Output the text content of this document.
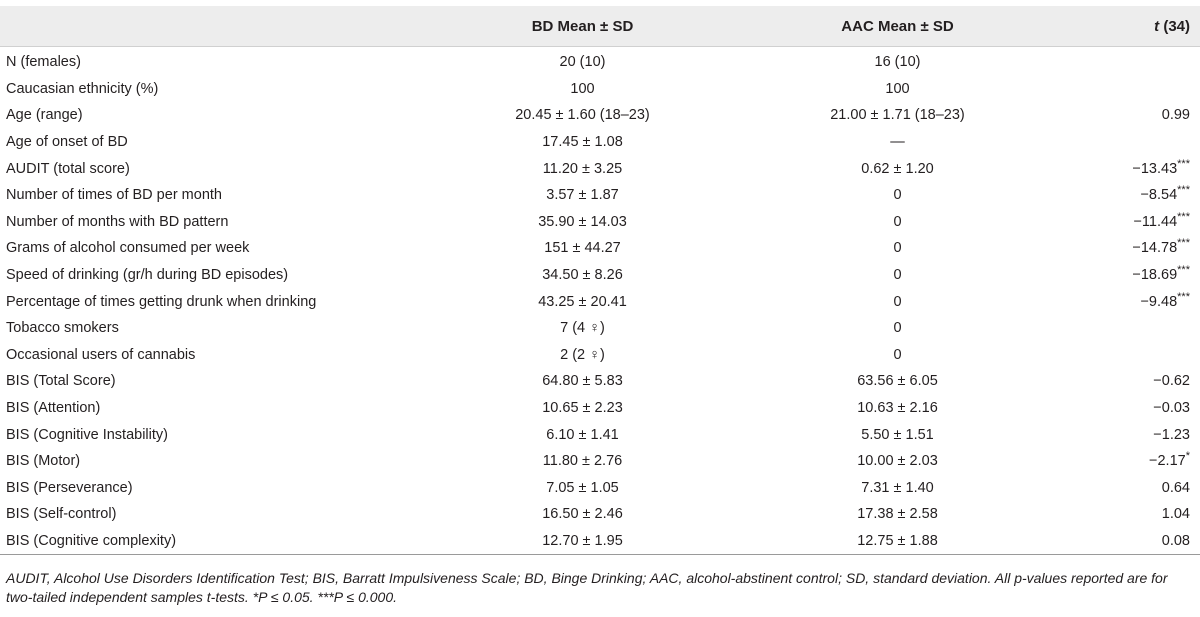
	BD Mean ± SD	AAC Mean ± SD	t (34)
N (females)	20 (10)	16 (10)	
Caucasian ethnicity (%)	100	100	
Age (range)	20.45 ± 1.60 (18–23)	21.00 ± 1.71 (18–23)	0.99
Age of onset of BD	17.45 ± 1.08	—	
AUDIT (total score)	11.20 ± 3.25	0.62 ± 1.20	−13.43***
Number of times of BD per month	3.57 ± 1.87	0	−8.54***
Number of months with BD pattern	35.90 ± 14.03	0	−11.44***
Grams of alcohol consumed per week	151 ± 44.27	0	−14.78***
Speed of drinking (gr/h during BD episodes)	34.50 ± 8.26	0	−18.69***
Percentage of times getting drunk when drinking	43.25 ± 20.41	0	−9.48***
Tobacco smokers	7 (4 ♀)	0	
Occasional users of cannabis	2 (2 ♀)	0	
BIS (Total Score)	64.80 ± 5.83	63.56 ± 6.05	−0.62
BIS (Attention)	10.65 ± 2.23	10.63 ± 2.16	−0.03
BIS (Cognitive Instability)	6.10 ± 1.41	5.50 ± 1.51	−1.23
BIS (Motor)	11.80 ± 2.76	10.00 ± 2.03	−2.17*
BIS (Perseverance)	7.05 ± 1.05	7.31 ± 1.40	0.64
BIS (Self-control)	16.50 ± 2.46	17.38 ± 2.58	1.04
BIS (Cognitive complexity)	12.70 ± 1.95	12.75 ± 1.88	0.08
AUDIT, Alcohol Use Disorders Identification Test; BIS, Barratt Impulsiveness Scale; BD, Binge Drinking; AAC, alcohol-abstinent control; SD, standard deviation. All p-values reported are for two-tailed independent samples t-tests. *P ≤ 0.05. ***P ≤ 0.000.
